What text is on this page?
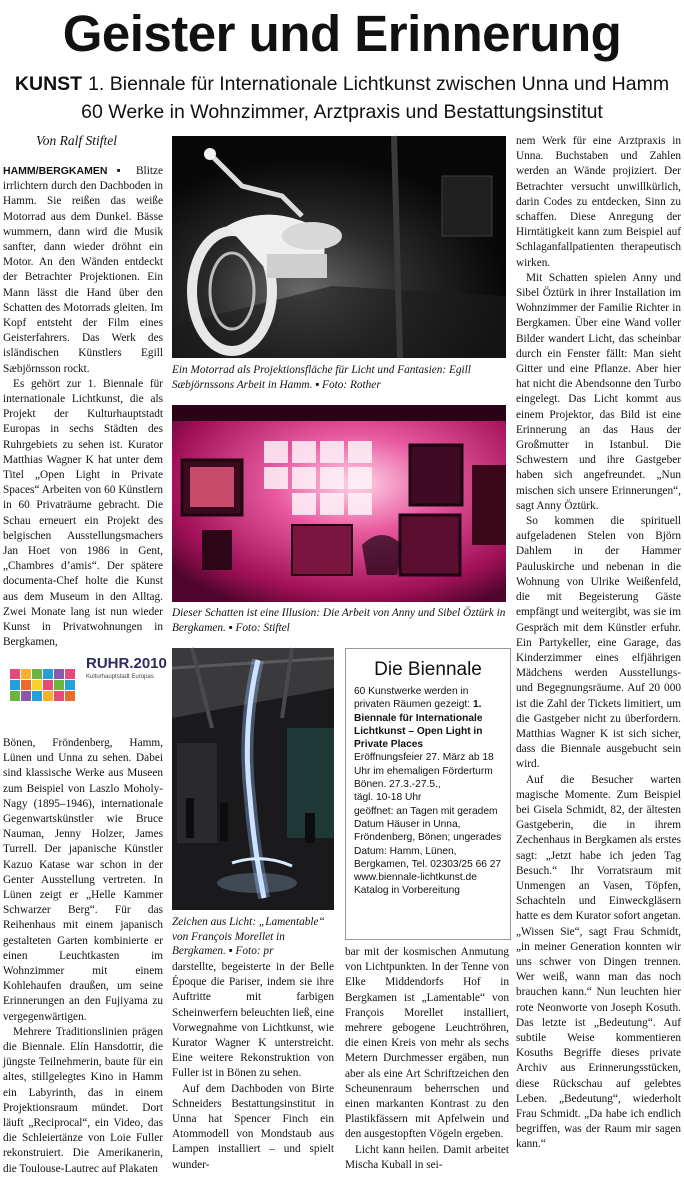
Geister und Erinnerung
KUNST 1. Biennale für Internationale Lichtkunst zwischen Unna und Hamm
60 Werke in Wohnzimmer, Arztpraxis und Bestattungsinstitut
Von Ralf Stiftel

HAMM/BERGKAMEN ▪ Blitze irrlichtern durch den Dachboden in Hamm. Sie reißen das weiße Motorrad aus dem Dunkel. Bässe wummern, dann wird die Musik sanfter, dann wieder dröhnt ein Motor. An den Wänden entdeckt der Betrachter Projektionen. Ein Mann lässt die Hand über den Schatten des Motorrads gleiten. Im Kopf entsteht der Film eines Geisterfahrers. Das Werk des isländischen Künstlers Egill Sæbjörnsson rockt.

Es gehört zur 1. Biennale für internationale Lichtkunst, die als Projekt der Kulturhauptstadt Europas in sechs Städten des Ruhrgebiets zu sehen ist. Kurator Matthias Wagner K hat unter dem Titel „Open Light in Private Spaces“ Arbeiten von 60 Künstlern in 60 Privaträume gebracht. Die Schau erneuert ein Projekt des belgischen Ausstellungsmachers Jan Hoet von 1986 in Gent, „Chambres d’amis“. Der spätere documenta-Chef holte die Kunst aus dem Museum in den Alltag. Zwei Monate lang ist nun wieder Kunst in Privatwohnungen in Bergkamen,

RUHR.2010
Kulturhauptstadt Europas

Bönen, Fröndenberg, Hamm, Lünen und Unna zu sehen. Dabei sind klassische Werke aus Museen zum Beispiel von Laszlo Moholy-Nagy (1895–1946), internationale Gegenwartskünstler wie Bruce Nauman, Jenny Holzer, James Turrell. Der japanische Künstler Kazuo Katase war schon in der Genter Ausstellung vertreten. In Lünen zeigt er „Helle Kammer Schwarzer Berg“. Für das Reihenhaus mit einem japanisch gestalteten Garten kombinierte er einen Leuchtkasten im Wohnzimmer mit einem Kohlehaufen draußen, um seine Erinnerungen an den Fujiyama zu vergegenwärtigen.

Mehrere Traditionslinien prägen die Biennale. Elín Hansdottir, die jüngste Teilnehmerin, baute für ein altes, stillgelegtes Kino in Hamm ein Labyrinth, das in einem Projektionsraum mündet. Dort läuft „Reciprocal“, ein Video, das die Schleiertänze von Loie Fuller rekonstruiert. Die Amerikanerin, die Toulouse-Lautrec auf Plakaten

Ein Motorrad als Projektionsfläche für Licht und Fantasien: Egill Sæbjörnssons Arbeit in Hamm. ▪ Foto: Rother
Dieser Schatten ist eine Illusion: Die Arbeit von Anny und Sibel Öztürk in Bergkamen. ▪ Foto: Stiftel
Zeichen aus Licht: „Lamentable“ von François Morellet in Bergkamen. ▪ Foto: pr

darstellte, begeisterte in der Belle Époque die Pariser, indem sie ihre Auftritte mit farbigen Scheinwerfern beleuchten ließ, eine Vorwegnahme von Lichtkunst, wie Kurator Wagner K unterstreicht. Eine weitere Rekonstruktion von Fuller ist in Bönen zu sehen.

Auf dem Dachboden von Birte Schneiders Bestattungsinstitut in Unna hat Spencer Finch ein Atommodell von Mondstaub aus Lampen installiert – und spielt wunder-

Die Biennale
60 Kunstwerke werden in privaten Räumen gezeigt: 1. Biennale für Internationale Lichtkunst – Open Light in Private Places
Eröffnungsfeier 27. März ab 18 Uhr im ehemaligen Förderturm Bönen. 27.3.-27.5.,
tägl. 10-18 Uhr
geöffnet: an Tagen mit geradem Datum Häuser in Unna, Fröndenberg, Bönen; ungerades Datum: Hamm, Lünen, Bergkamen, Tel. 02303/25 66 27
www.biennale-lichtkunst.de
Katalog in Vorbereitung

bar mit der kosmischen Anmutung von Lichtpunkten. In der Tenne von Elke Middendorfs Hof in Bergkamen ist „Lamentable“ von François Morellet installiert, mehrere gebogene Leuchtröhren, die einen Kreis von mehr als sechs Metern Durchmesser ergäben, nun aber als eine Art Schriftzeichen den Scheunenraum beherrschen und einen markanten Kontrast zu den Plastikfässern mit Apfelwein und den ausgestopften Vögeln ergeben.

Licht kann heilen. Damit arbeitet Mischa Kuball in sei-

nem Werk für eine Arztpraxis in Unna. Buchstaben und Zahlen werden an Wände projiziert. Der Betrachter versucht unwillkürlich, darin Codes zu entdecken, Sinn zu schaffen. Diese Anregung der Hirntätigkeit kann zum Beispiel auf Schlaganfallpatienten therapeutisch wirken.

Mit Schatten spielen Anny und Sibel Öztürk in ihrer Installation im Wohnzimmer der Familie Richter in Bergkamen. Über eine Wand voller Bilder wandert Licht, das scheinbar durch ein Fenster fällt: Man sieht Gitter und eine Pflanze. Aber hier hat nicht die Abendsonne den Turbo eingelegt. Das Licht kommt aus einem Projektor, das Bild ist eine Erinnerung an das Haus der Großmutter in Istanbul. Die Schwestern und ihre Gastgeber haben sich angefreundet. „Nun mischen sich unsere Erinnerungen“, sagt Anny Öztürk.

So kommen die spirituell aufgeladenen Stelen von Björn Dahlem in der Hammer Pauluskirche und nebenan in die Wohnung von Ulrike Weißenfeld, die mit Begeisterung Gäste empfängt und weitergibt, was sie im Gespräch mit dem Künstler erfuhr. Ein Partykeller, eine Garage, das Kinderzimmer eines elfjährigen Mädchens werden Ausstellungs- und Begegnungsräume. Auf 20 000 ist die Zahl der Tickets limitiert, um die Gastgeber nicht zu überfordern. Matthias Wagner K ist sich sicher, dass die Biennale ausgebucht sein wird.

Auf die Besucher warten magische Momente. Zum Beispiel bei Gisela Schmidt, 82, der ältesten Gastgeberin, die in ihrem Zechenhaus in Bergkamen als erstes sagt: „Jetzt habe ich jeden Tag Besuch.“ Ihr Vorratsraum mit Unmengen an Vasen, Töpfen, Schachteln und Einweckgläsern hatte es dem Kurator sofort angetan. „Wissen Sie“, sagt Frau Schmidt, „in meiner Generation konnten wir uns schwer von Dingen trennen. Wer weiß, wann man das noch brauchen kann.“ Nun leuchten hier rote Neonworte von Joseph Kosuth. Das letzte ist „Bedeutung“. Auf subtile Weise kommentieren Kosuths Begriffe dieses private Archiv aus Erinnerungsstücken, diese Rückschau auf gelebtes Leben. „Bedeutung“, wiederholt Frau Schmidt. „Da habe ich endlich begriffen, was der Raum mir sagen kann.“
